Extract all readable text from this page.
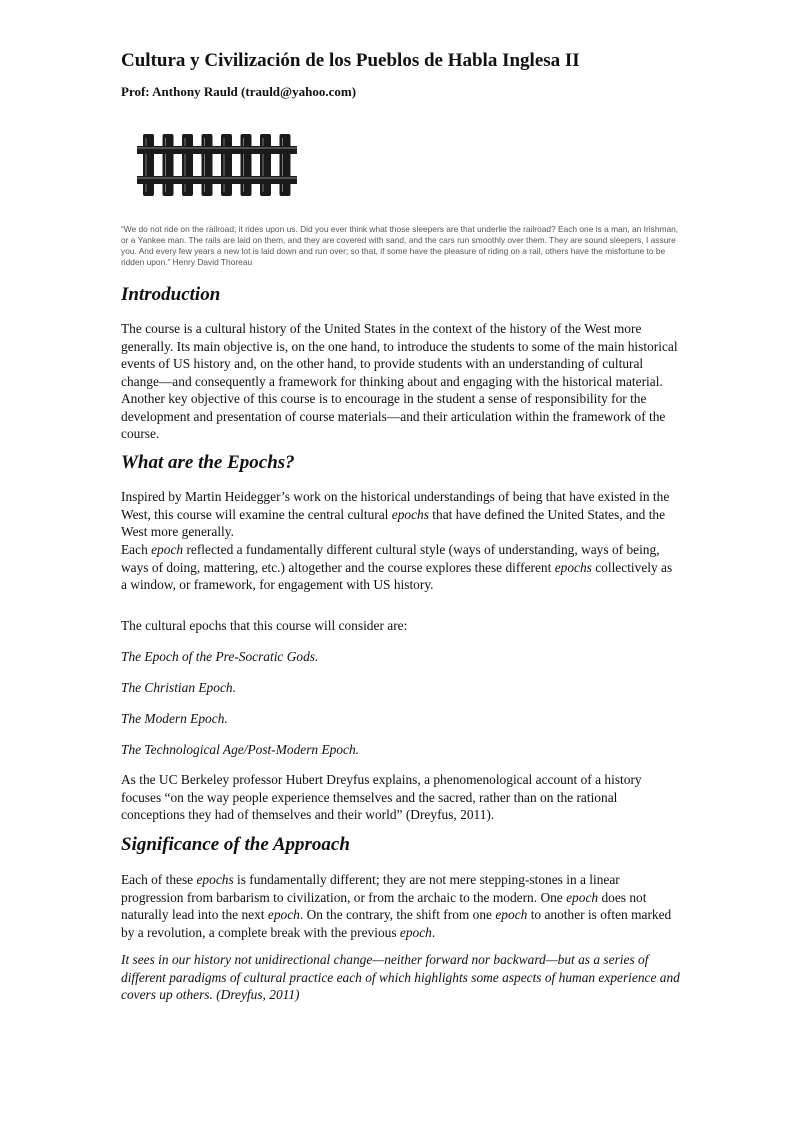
Cultura y Civilización de los Pueblos de Habla Inglesa II
Prof: Anthony Rauld (trauld@yahoo.com)

“We do not ride on the railroad; it rides upon us. Did you ever think what those sleepers are that underlie the railroad? Each one is a man, an Irishman, or a Yankee man. The rails are laid on them, and they are covered with sand, and the cars run smoothly over them. They are sound sleepers, I assure you. And every few years a new lot is laid down and run over; so that, if some have the pleasure of riding on a rail, others have the misfortune to be ridden upon.” Henry David Thoreau

Introduction
The course is a cultural history of the United States in the context of the history of the West more generally. Its main objective is, on the one hand, to introduce the students to some of the main historical events of US history and, on the other hand, to provide students with an understanding of cultural change—and consequently a framework for thinking about and engaging with the historical material. Another key objective of this course is to encourage in the student a sense of responsibility for the development and presentation of course materials—and their articulation within the framework of the course.
What are the Epochs?
Inspired by Martin Heidegger’s work on the historical understandings of being that have existed in the West, this course will examine the central cultural epochs that have defined the United States, and the West more generally.
Each epoch reflected a fundamentally different cultural style (ways of understanding, ways of being, ways of doing, mattering, etc.) altogether and the course explores these different epochs collectively as a window, or framework, for engagement with US history.
The cultural epochs that this course will consider are:
The Epoch of the Pre-Socratic Gods.
The Christian Epoch.
The Modern Epoch.
The Technological Age/Post-Modern Epoch.
As the UC Berkeley professor Hubert Dreyfus explains, a phenomenological account of a history focuses “on the way people experience themselves and the sacred, rather than on the rational conceptions they had of themselves and their world” (Dreyfus, 2011).
Significance of the Approach
Each of these epochs is fundamentally different; they are not mere stepping-stones in a linear progression from barbarism to civilization, or from the archaic to the modern. One epoch does not naturally lead into the next epoch. On the contrary, the shift from one epoch to another is often marked by a revolution, a complete break with the previous epoch.
It sees in our history not unidirectional change—neither forward nor backward—but as a series of different paradigms of cultural practice each of which highlights some aspects of human experience and covers up others. (Dreyfus, 2011)
